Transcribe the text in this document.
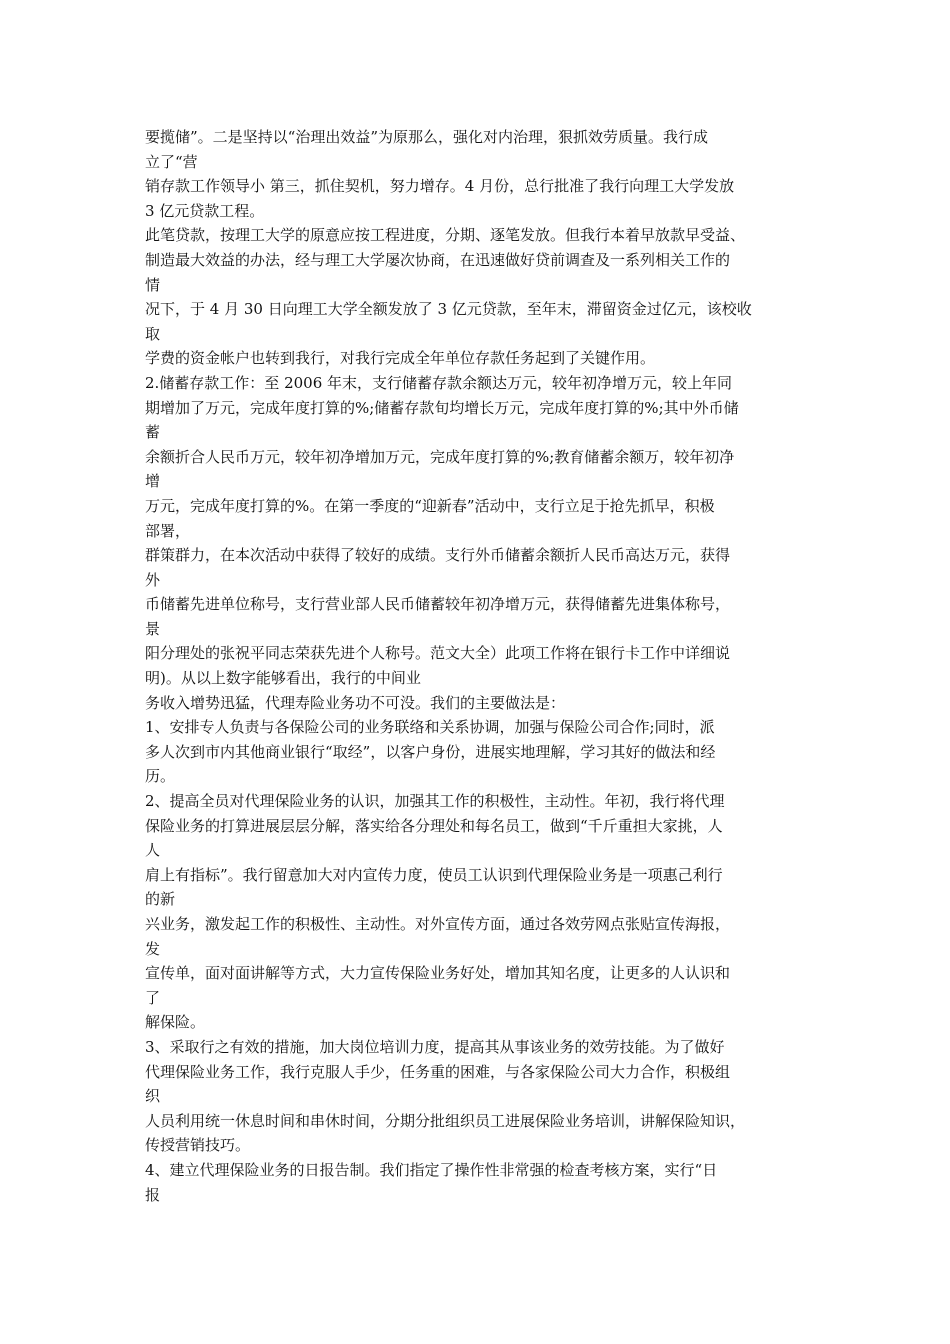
要揽储”。二是坚持以“治理出效益”为原那么，强化对内治理，狠抓效劳质量。我行成
立了“营
销存款工作领导小 第三，抓住契机，努力增存。4 月份，总行批准了我行向理工大学发放
3 亿元贷款工程。
此笔贷款，按理工大学的原意应按工程进度，分期、逐笔发放。但我行本着早放款早受益、
制造最大效益的办法，经与理工大学屡次协商，在迅速做好贷前调查及一系列相关工作的
情
况下，于 4 月 30 日向理工大学全额发放了 3 亿元贷款，至年末，滞留资金过亿元，该校收
取
学费的资金帐户也转到我行，对我行完成全年单位存款任务起到了关键作用。
2.储蓄存款工作：至 2006 年末，支行储蓄存款余额达万元，较年初净增万元，较上年同
期增加了万元，完成年度打算的%;储蓄存款旬均增长万元，完成年度打算的%;其中外币储
蓄
余额折合人民币万元，较年初净增加万元，完成年度打算的%;教育储蓄余额万，较年初净
增
万元，完成年度打算的%。在第一季度的“迎新春”活动中，支行立足于抢先抓早，积极
部署，
群策群力，在本次活动中获得了较好的成绩。支行外币储蓄余额折人民币高达万元，获得
外
币储蓄先进单位称号，支行营业部人民币储蓄较年初净增万元，获得储蓄先进集体称号，
景
阳分理处的张祝平同志荣获先进个人称号。范文大全）此项工作将在银行卡工作中详细说
明)。从以上数字能够看出，我行的中间业
务收入增势迅猛，代理寿险业务功不可没。我们的主要做法是：
1、安排专人负责与各保险公司的业务联络和关系协调，加强与保险公司合作;同时，派
多人次到市内其他商业银行“取经”，以客户身份，进展实地理解，学习其好的做法和经
历。
2、提高全员对代理保险业务的认识，加强其工作的积极性，主动性。年初，我行将代理
保险业务的打算进展层层分解，落实给各分理处和每名员工，做到“千斤重担大家挑，人
人
肩上有指标”。我行留意加大对内宣传力度，使员工认识到代理保险业务是一项惠己利行
的新
兴业务，激发起工作的积极性、主动性。对外宣传方面，通过各效劳网点张贴宣传海报，
发
宣传单，面对面讲解等方式，大力宣传保险业务好处，增加其知名度，让更多的人认识和
了
解保险。
3、采取行之有效的措施，加大岗位培训力度，提高其从事该业务的效劳技能。为了做好
代理保险业务工作，我行克服人手少，任务重的困难，与各家保险公司大力合作，积极组
织
人员利用统一休息时间和串休时间，分期分批组织员工进展保险业务培训，讲解保险知识，
传授营销技巧。
4、建立代理保险业务的日报告制。我们指定了操作性非常强的检查考核方案，实行“日
报
